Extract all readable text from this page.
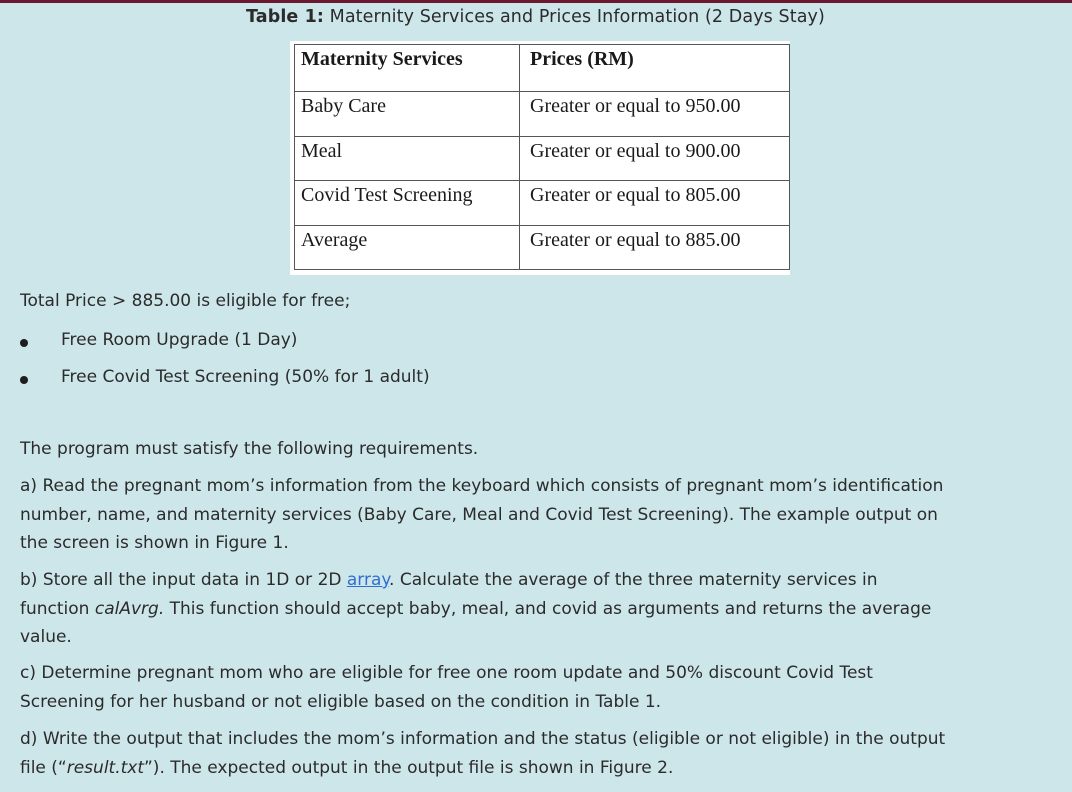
Table 1: Maternity Services and Prices Information (2 Days Stay)
Maternity Services	Prices (RM)
Baby Care	Greater or equal to 950.00
Meal	Greater or equal to 900.00
Covid Test Screening	Greater or equal to 805.00
Average	Greater or equal to 885.00
Total Price > 885.00 is eligible for free;
Free Room Upgrade (1 Day)
Free Covid Test Screening (50% for 1 adult)
The program must satisfy the following requirements.
a) Read the pregnant mom’s information from the keyboard which consists of pregnant mom’s identification
number, name, and maternity services (Baby Care, Meal and Covid Test Screening). The example output on
the screen is shown in Figure 1.
b) Store all the input data in 1D or 2D array. Calculate the average of the three maternity services in
function calAvrg. This function should accept baby, meal, and covid as arguments and returns the average
value.
c) Determine pregnant mom who are eligible for free one room update and 50% discount Covid Test
Screening for her husband or not eligible based on the condition in Table 1.
d) Write the output that includes the mom’s information and the status (eligible or not eligible) in the output
file (“result.txt”). The expected output in the output file is shown in Figure 2.
